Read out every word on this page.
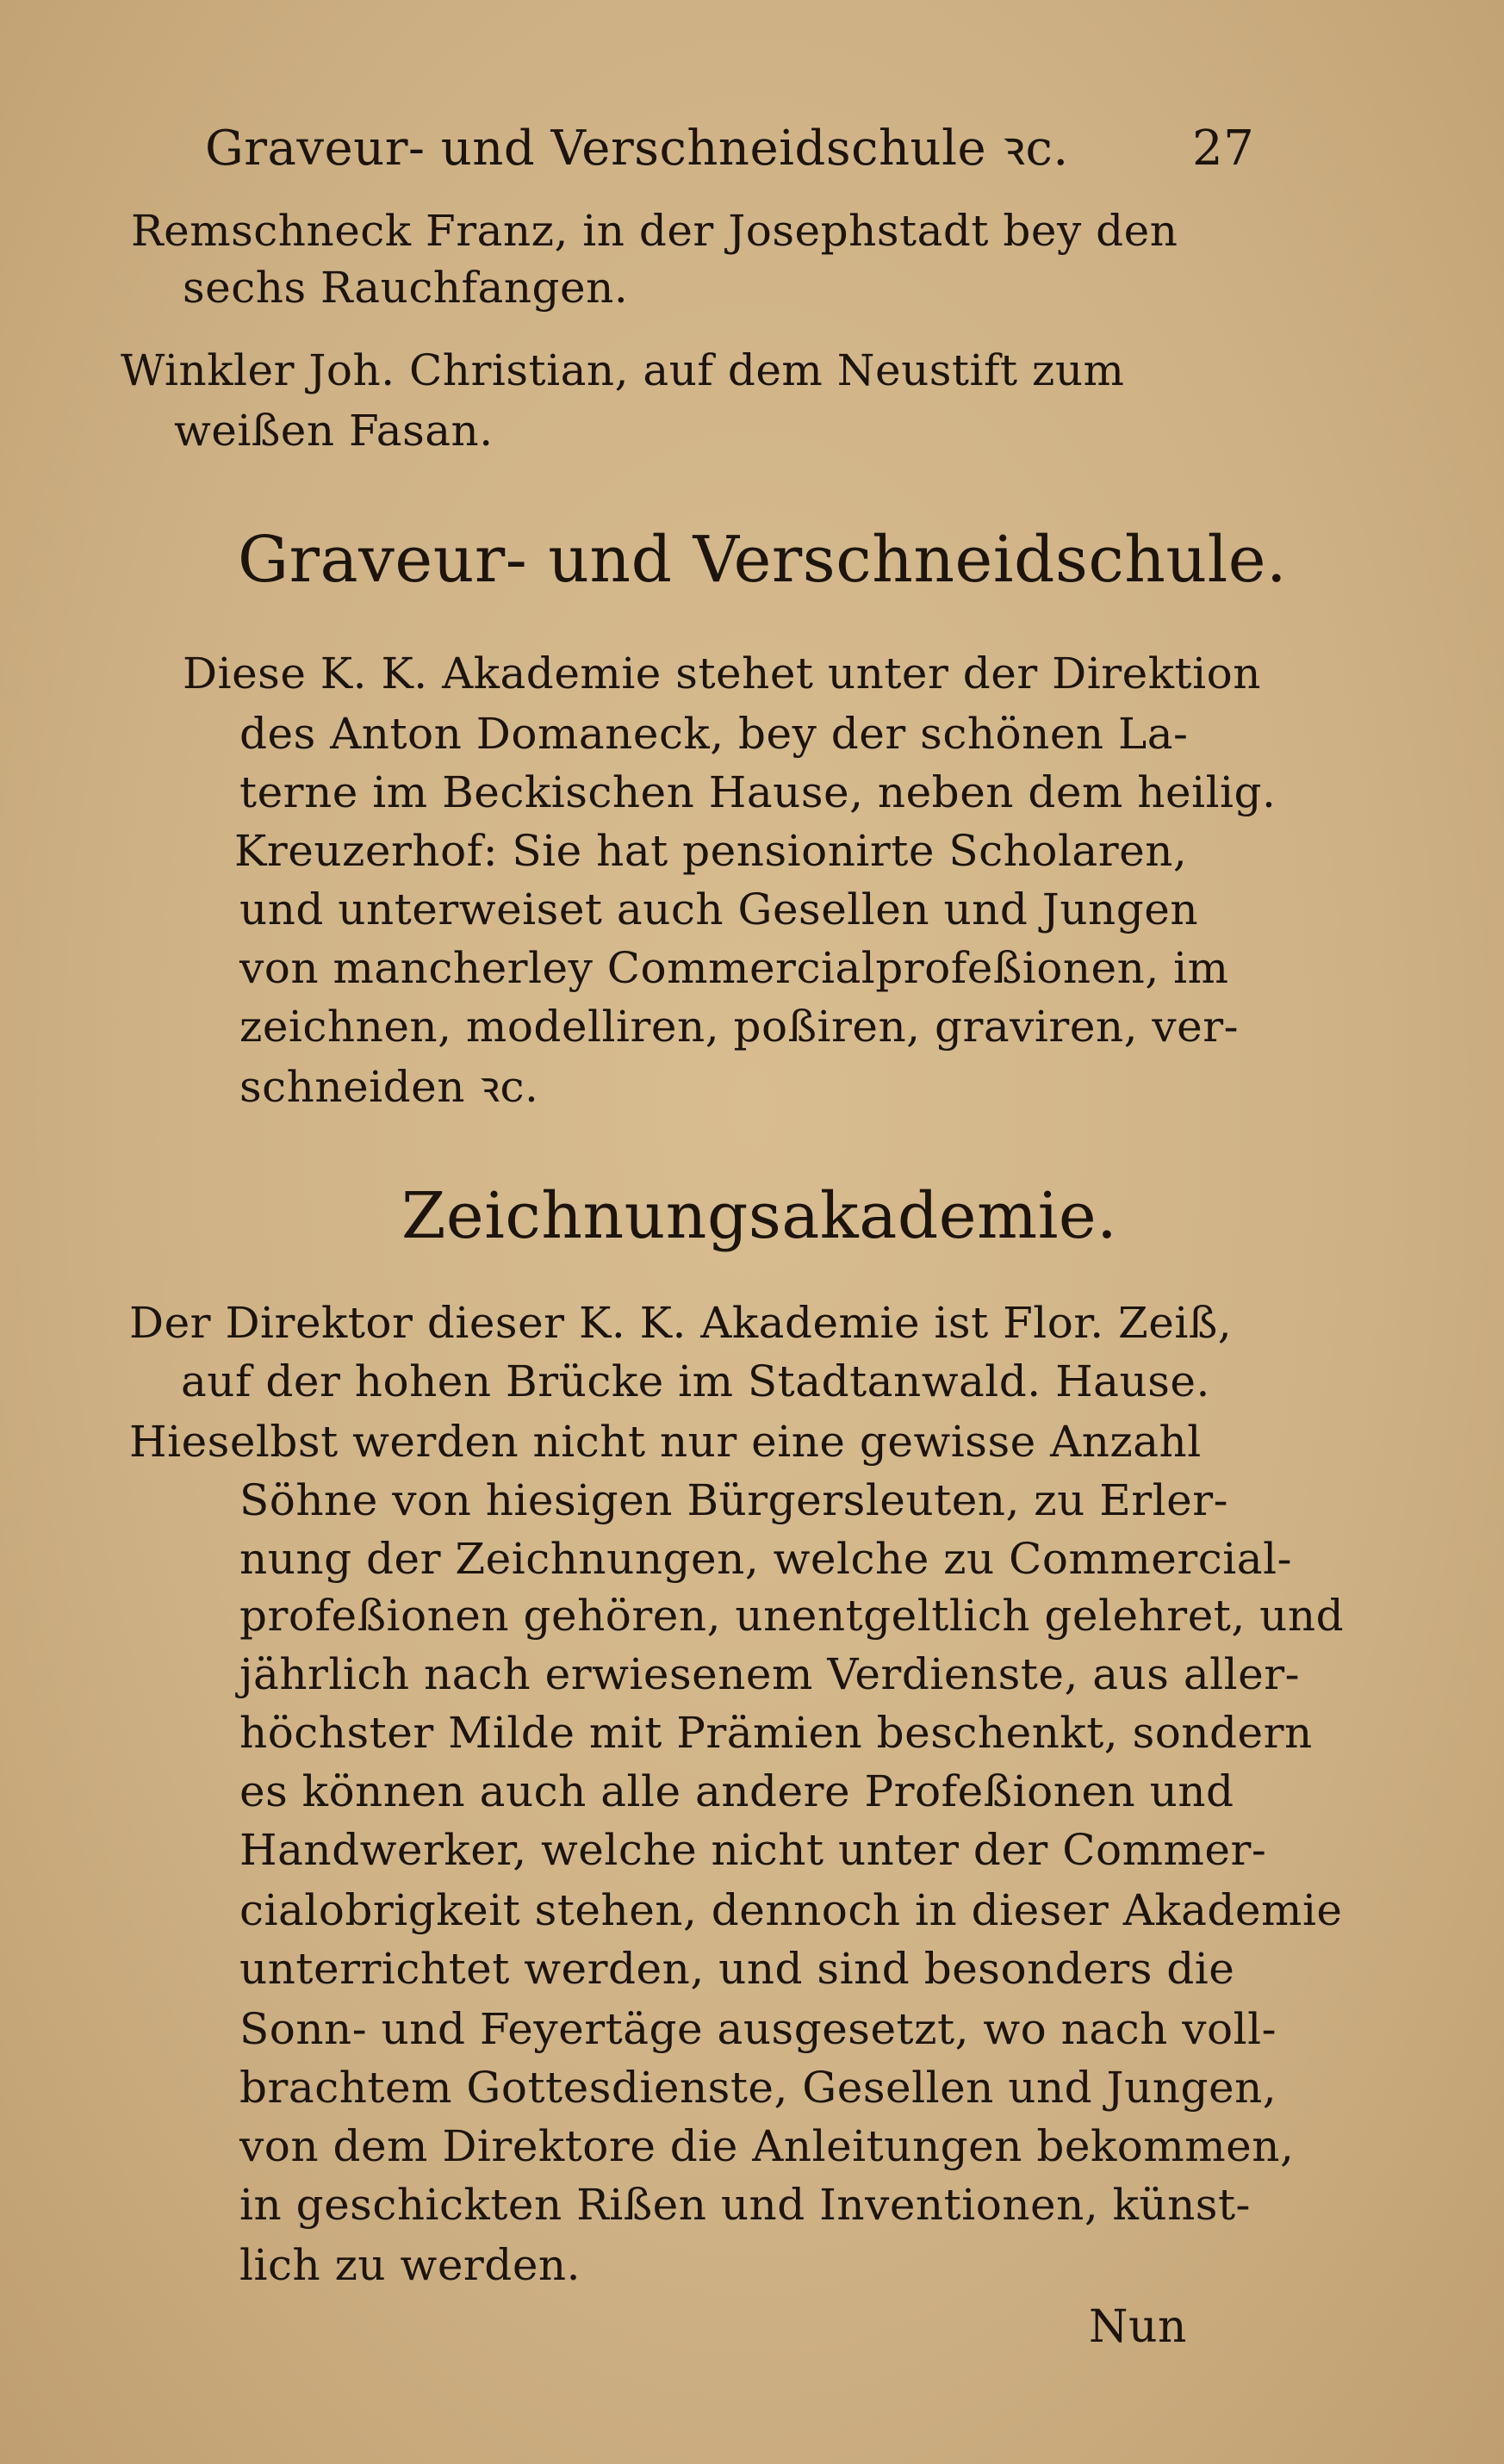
Graveur- und Verschneidschule ꝛc.	27
Remschneck Franz, in der Josephstadt bey den
sechs Rauchfangen.
Winkler Joh. Christian, auf dem Neustift zum
weißen Fasan.
Graveur- und Verschneidschule.
Diese K. K. Akademie stehet unter der Direktion
des Anton Domaneck, bey der schönen La-
terne im Beckischen Hause, neben dem heilig.
Kreuzerhof: Sie hat pensionirte Scholaren,
und unterweiset auch Gesellen und Jungen
von mancherley Commercialprofeßionen, im
zeichnen, modelliren, poßiren, graviren, ver-
schneiden ꝛc.
Zeichnungsakademie.
Der Direktor dieser K. K. Akademie ist Flor. Zeiß,
auf der hohen Brücke im Stadtanwald. Hause.
Hieselbst werden nicht nur eine gewisse Anzahl
Söhne von hiesigen Bürgersleuten, zu Erler-
nung der Zeichnungen, welche zu Commercial-
profeßionen gehören, unentgeltlich gelehret, und
jährlich nach erwiesenem Verdienste, aus aller-
höchster Milde mit Prämien beschenkt, sondern
es können auch alle andere Profeßionen und
Handwerker, welche nicht unter der Commer-
cialobrigkeit stehen, dennoch in dieser Akademie
unterrichtet werden, und sind besonders die
Sonn- und Feyertäge ausgesetzt, wo nach voll-
brachtem Gottesdienste, Gesellen und Jungen,
von dem Direktore die Anleitungen bekommen,
in geschickten Rißen und Inventionen, künst-
lich zu werden.
Nun
